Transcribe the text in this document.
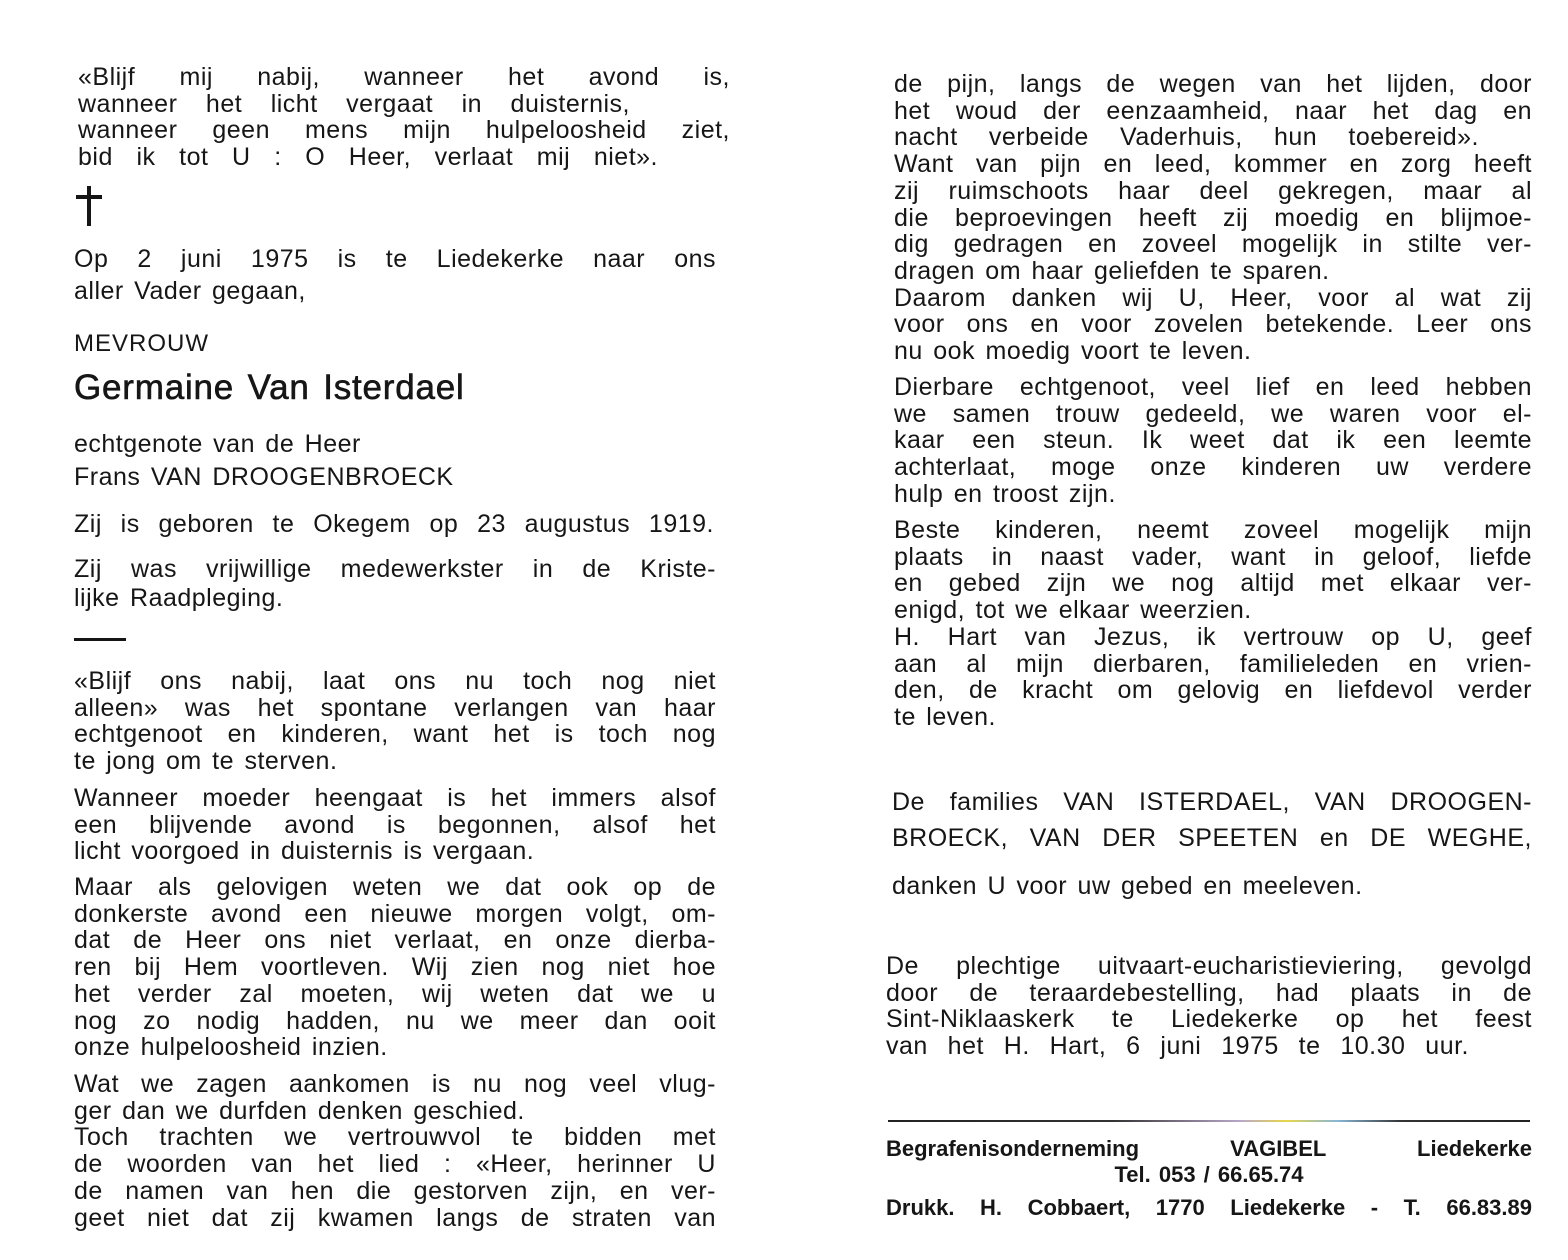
«Blijf mij nabij, wanneer het avond is,
wanneer het licht vergaat in duisternis,
wanneer geen mens mijn hulpeloosheid ziet,
bid ik tot U : O Heer, verlaat mij niet».
Op 2 juni 1975 is te Liedekerke naar ons
aller Vader gegaan,
MEVROUW
Germaine Van Isterdael
echtgenote van de Heer
Frans VAN DROOGENBROECK
Zij is geboren te Okegem op 23 augustus 1919.
Zij was vrijwillige medewerkster in de Kriste-
lijke Raadpleging.
«Blijf ons nabij, laat ons nu toch nog niet
alleen» was het spontane verlangen van haar
echtgenoot en kinderen, want het is toch nog
te jong om te sterven.
Wanneer moeder heengaat is het immers alsof
een blijvende avond is begonnen, alsof het
licht voorgoed in duisternis is vergaan.
Maar als gelovigen weten we dat ook op de
donkerste avond een nieuwe morgen volgt, om-
dat de Heer ons niet verlaat, en onze dierba-
ren bij Hem voortleven. Wij zien nog niet hoe
het verder zal moeten, wij weten dat we u
nog zo nodig hadden, nu we meer dan ooit
onze hulpeloosheid inzien.
Wat we zagen aankomen is nu nog veel vlug-
ger dan we durfden denken geschied.
Toch trachten we vertrouwvol te bidden met
de woorden van het lied : «Heer, herinner U
de namen van hen die gestorven zijn, en ver-
geet niet dat zij kwamen langs de straten van
de pijn, langs de wegen van het lijden, door
het woud der eenzaamheid, naar het dag en
nacht verbeide Vaderhuis, hun toebereid».
Want van pijn en leed, kommer en zorg heeft
zij ruimschoots haar deel gekregen, maar al
die beproevingen heeft zij moedig en blijmoe-
dig gedragen en zoveel mogelijk in stilte ver-
dragen om haar geliefden te sparen.
Daarom danken wij U, Heer, voor al wat zij
voor ons en voor zovelen betekende. Leer ons
nu ook moedig voort te leven.
Dierbare echtgenoot, veel lief en leed hebben
we samen trouw gedeeld, we waren voor el-
kaar een steun. Ik weet dat ik een leemte
achterlaat, moge onze kinderen uw verdere
hulp en troost zijn.
Beste kinderen, neemt zoveel mogelijk mijn
plaats in naast vader, want in geloof, liefde
en gebed zijn we nog altijd met elkaar ver-
enigd, tot we elkaar weerzien.
H. Hart van Jezus, ik vertrouw op U, geef
aan al mijn dierbaren, familieleden en vrien-
den, de kracht om gelovig en liefdevol verder
te leven.
De families VAN ISTERDAEL, VAN DROOGEN-
BROECK, VAN DER SPEETEN en DE WEGHE,
danken U voor uw gebed en meeleven.
De plechtige uitvaart-eucharistieviering, gevolgd
door de teraardebestelling, had plaats in de
Sint-Niklaaskerk te Liedekerke op het feest
van het H. Hart, 6 juni 1975 te 10.30 uur.
Begrafenisonderneming VAGIBEL Liedekerke
Tel. 053 / 66.65.74
Drukk. H. Cobbaert, 1770 Liedekerke - T. 66.83.89
